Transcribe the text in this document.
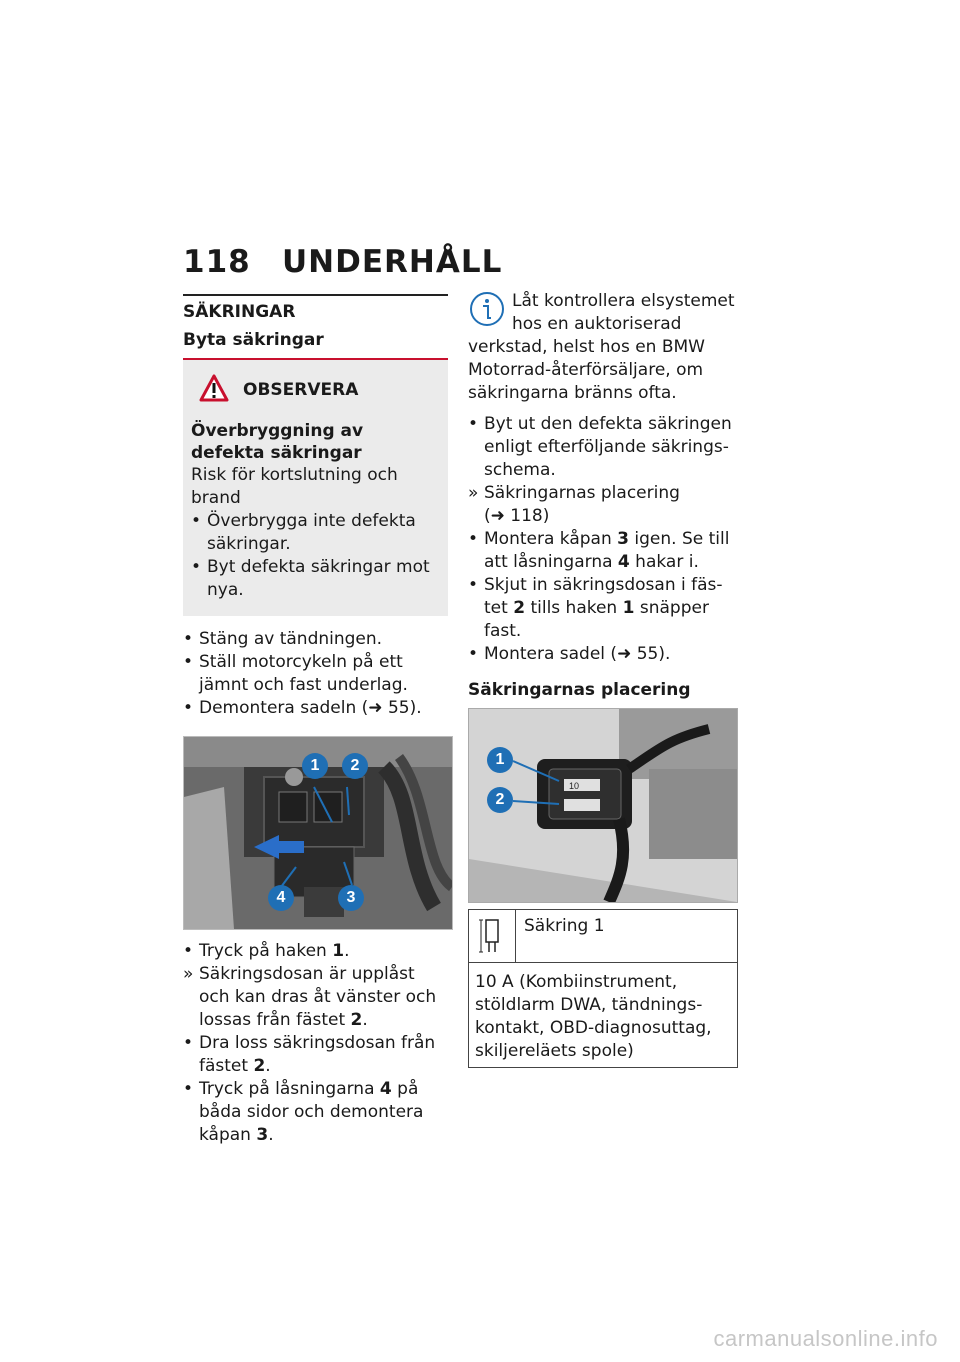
118 UNDERHÅLL
SÄKRINGAR
Byta säkringar
OBSERVERA
Överbryggning av defekta säkringar
Risk för kortslutning och brand
• Överbrygga inte defekta säkringar.
• Byt defekta säkringar mot nya.
• Stäng av tändningen.
• Ställ motorcykeln på ett jämnt och fast underlag.
• Demontera sadeln (➜ 55).
1	2
4	3
• Tryck på haken 1.
» Säkringsdosan är upplåst och kan dras åt vänster och lossas från fästet 2.
• Dra loss säkringsdosan från fästet 2.
• Tryck på låsningarna 4 på båda sidor och demontera kåpan 3.
Låt kontrollera elsystemet hos en auktoriserad
verkstad, helst hos en BMW Motorrad-återförsäljare, om säkringarna bränns ofta.
• Byt ut den defekta säkringen enligt efterföljande säkrings-schema.
» Säkringarnas placering (➜ 118)
• Montera kåpan 3 igen. Se till att låsningarna 4 hakar i.
• Skjut in säkringsdosan i fäs-tet 2 tills haken 1 snäpper fast.
• Montera sadel (➜ 55).
Säkringarnas placering
10
1
2
Säkring 1
10 A (Kombiinstrument, stöldlarm DWA, tändnings-kontakt, OBD-diagnosuttag, skiljereläets spole)
carmanualsonline.info
